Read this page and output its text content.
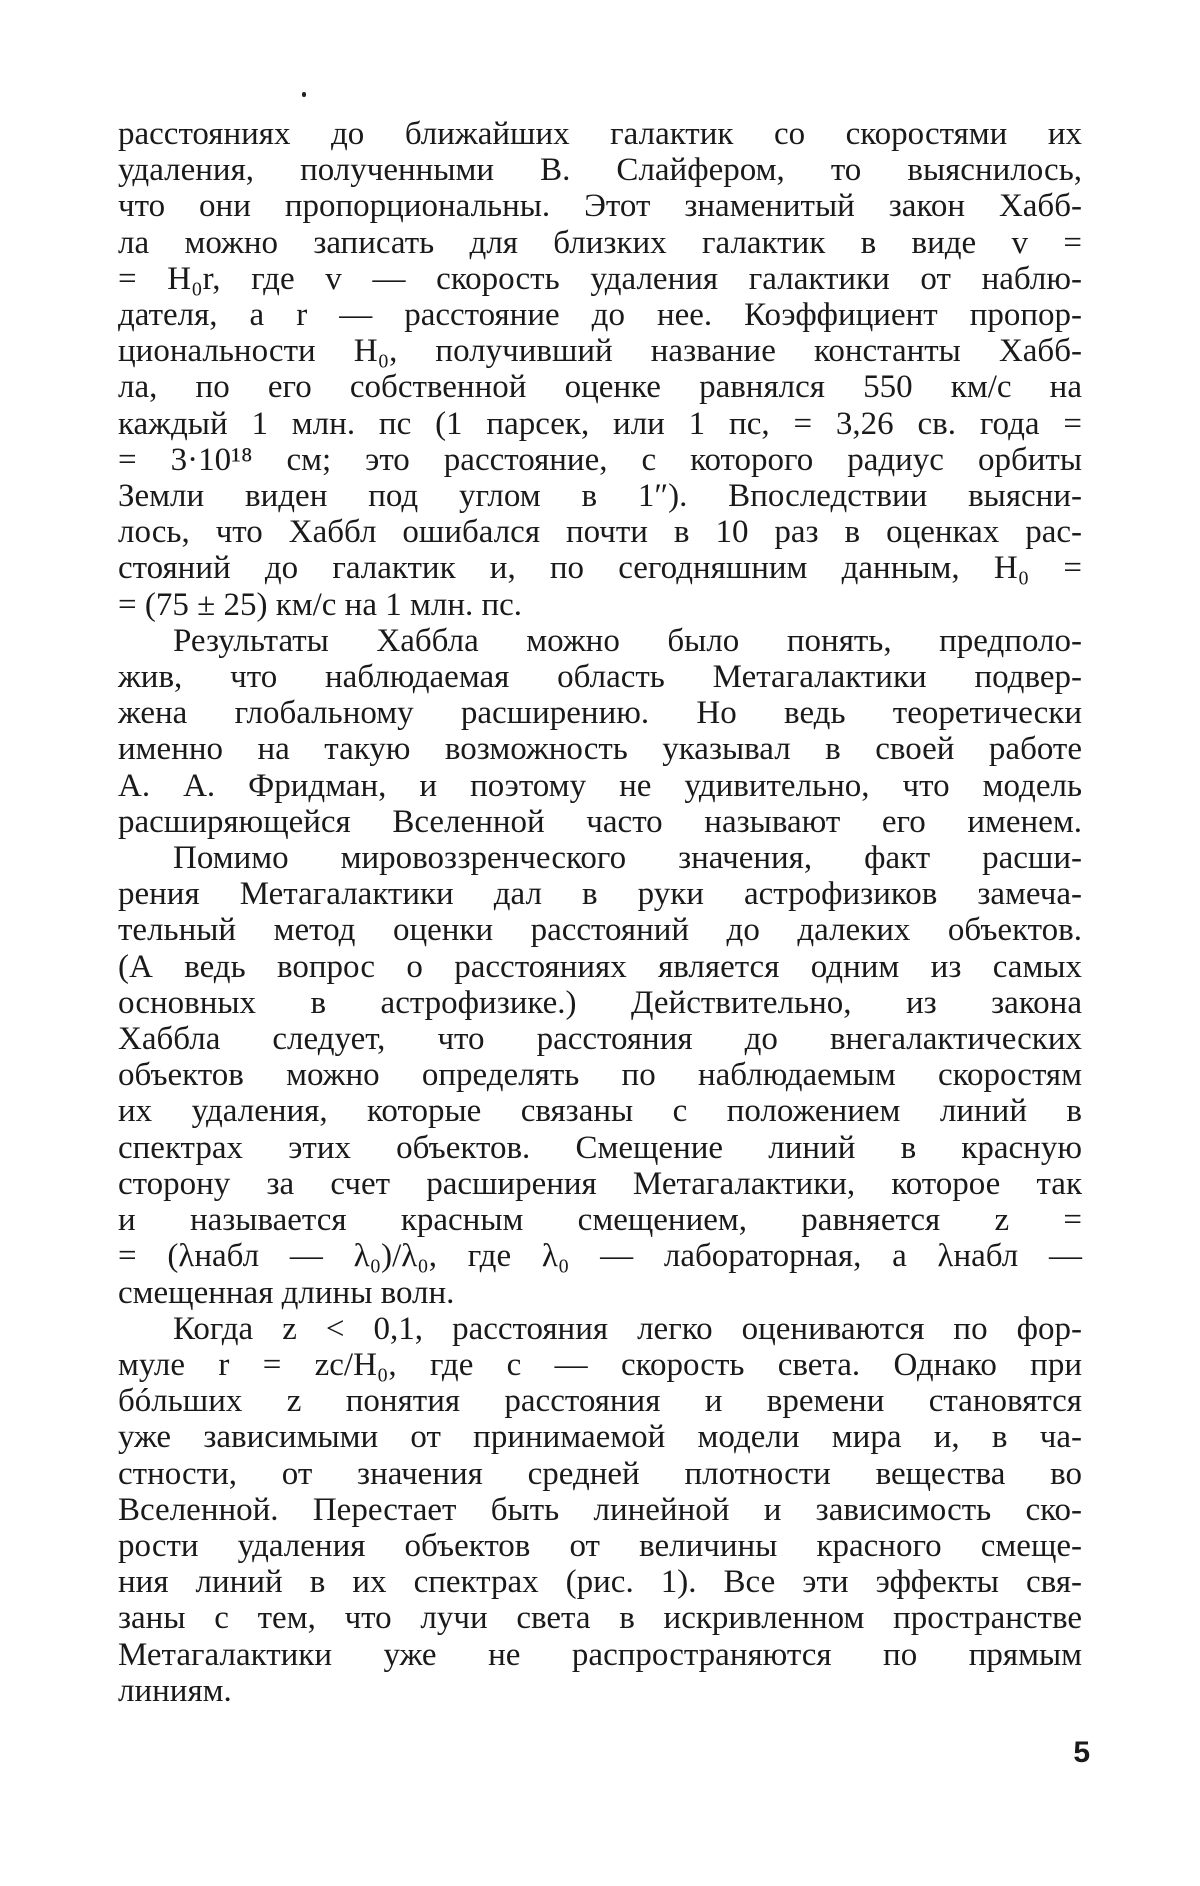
расстояниях до ближайших галактик со скоростями их
удаления, полученными В. Слайфером, то выяснилось,
что они пропорциональны. Этот знаменитый закон Хабб-
ла можно записать для близких галактик в виде v =
= H₀r, где v — скорость удаления галактики от наблю-
дателя, а r — расстояние до нее. Коэффициент пропор-
циональности H₀, получивший название константы Хабб-
ла, по его собственной оценке равнялся 550 км/с на
каждый 1 млн. пс (1 парсек, или 1 пс, = 3,26 св. года =
= 3·10¹⁸ см; это расстояние, с которого радиус орбиты
Земли виден под углом в 1″). Впоследствии выясни-
лось, что Хаббл ошибался почти в 10 раз в оценках рас-
стояний до галактик и, по сегодняшним данным, H₀ =
= (75 ± 25) км/с на 1 млн. пс.

Результаты Хаббла можно было понять, предполо-
жив, что наблюдаемая область Метагалактики подвер-
жена глобальному расширению. Но ведь теоретически
именно на такую возможность указывал в своей работе
А. А. Фридман, и поэтому не удивительно, что модель
расширяющейся Вселенной часто называют его именем.

Помимо мировоззренческого значения, факт расши-
рения Метагалактики дал в руки астрофизиков замеча-
тельный метод оценки расстояний до далеких объектов.
(А ведь вопрос о расстояниях является одним из самых
основных в астрофизике.) Действительно, из закона
Хаббла следует, что расстояния до внегалактических
объектов можно определять по наблюдаемым скоростям
их удаления, которые связаны с положением линий в
спектрах этих объектов. Смещение линий в красную
сторону за счет расширения Метагалактики, которое так
и называется красным смещением, равняется z =
= (λнабл — λ₀)/λ₀, где λ₀ — лабораторная, а λнабл —
смещенная длины волн.

Когда z < 0,1, расстояния легко оцениваются по фор-
муле r = zc/H₀, где c — скорость света. Однако при
бóльших z понятия расстояния и времени становятся
уже зависимыми от принимаемой модели мира и, в ча-
стности, от значения средней плотности вещества во
Вселенной. Перестает быть линейной и зависимость ско-
рости удаления объектов от величины красного смеще-
ния линий в их спектрах (рис. 1). Все эти эффекты свя-
заны с тем, что лучи света в искривленном пространстве
Метагалактики уже не распространяются по прямым
линиям.

5
